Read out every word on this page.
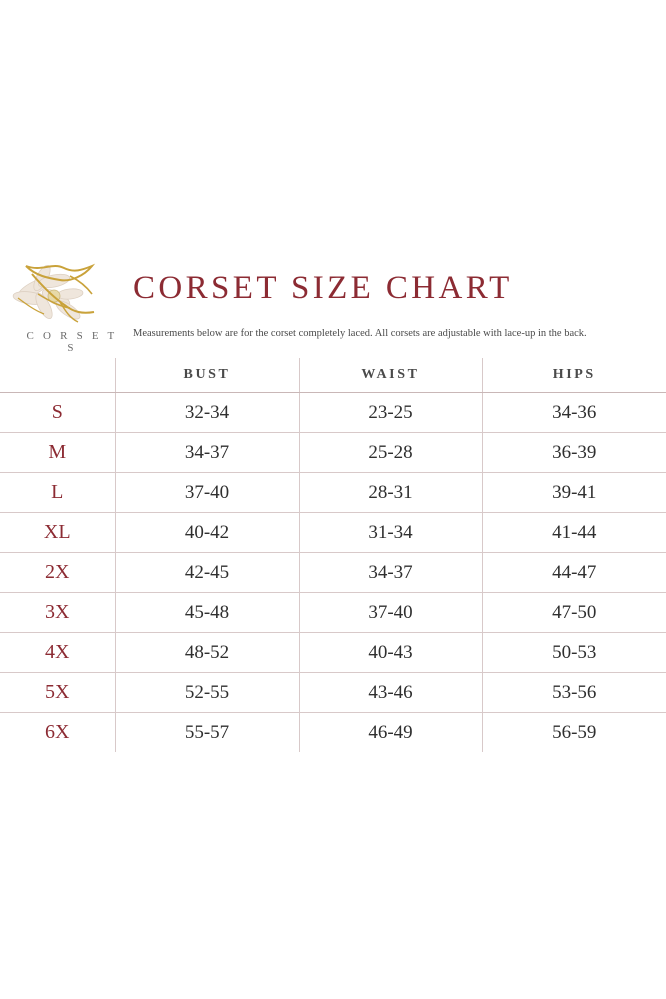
C O R S E T S
CORSET SIZE CHART
Measurements below are for the corset completely laced. All corsets are adjustable with lace-up in the back.
	BUST	WAIST	HIPS
S	32-34	23-25	34-36
M	34-37	25-28	36-39
L	37-40	28-31	39-41
XL	40-42	31-34	41-44
2X	42-45	34-37	44-47
3X	45-48	37-40	47-50
4X	48-52	40-43	50-53
5X	52-55	43-46	53-56
6X	55-57	46-49	56-59
